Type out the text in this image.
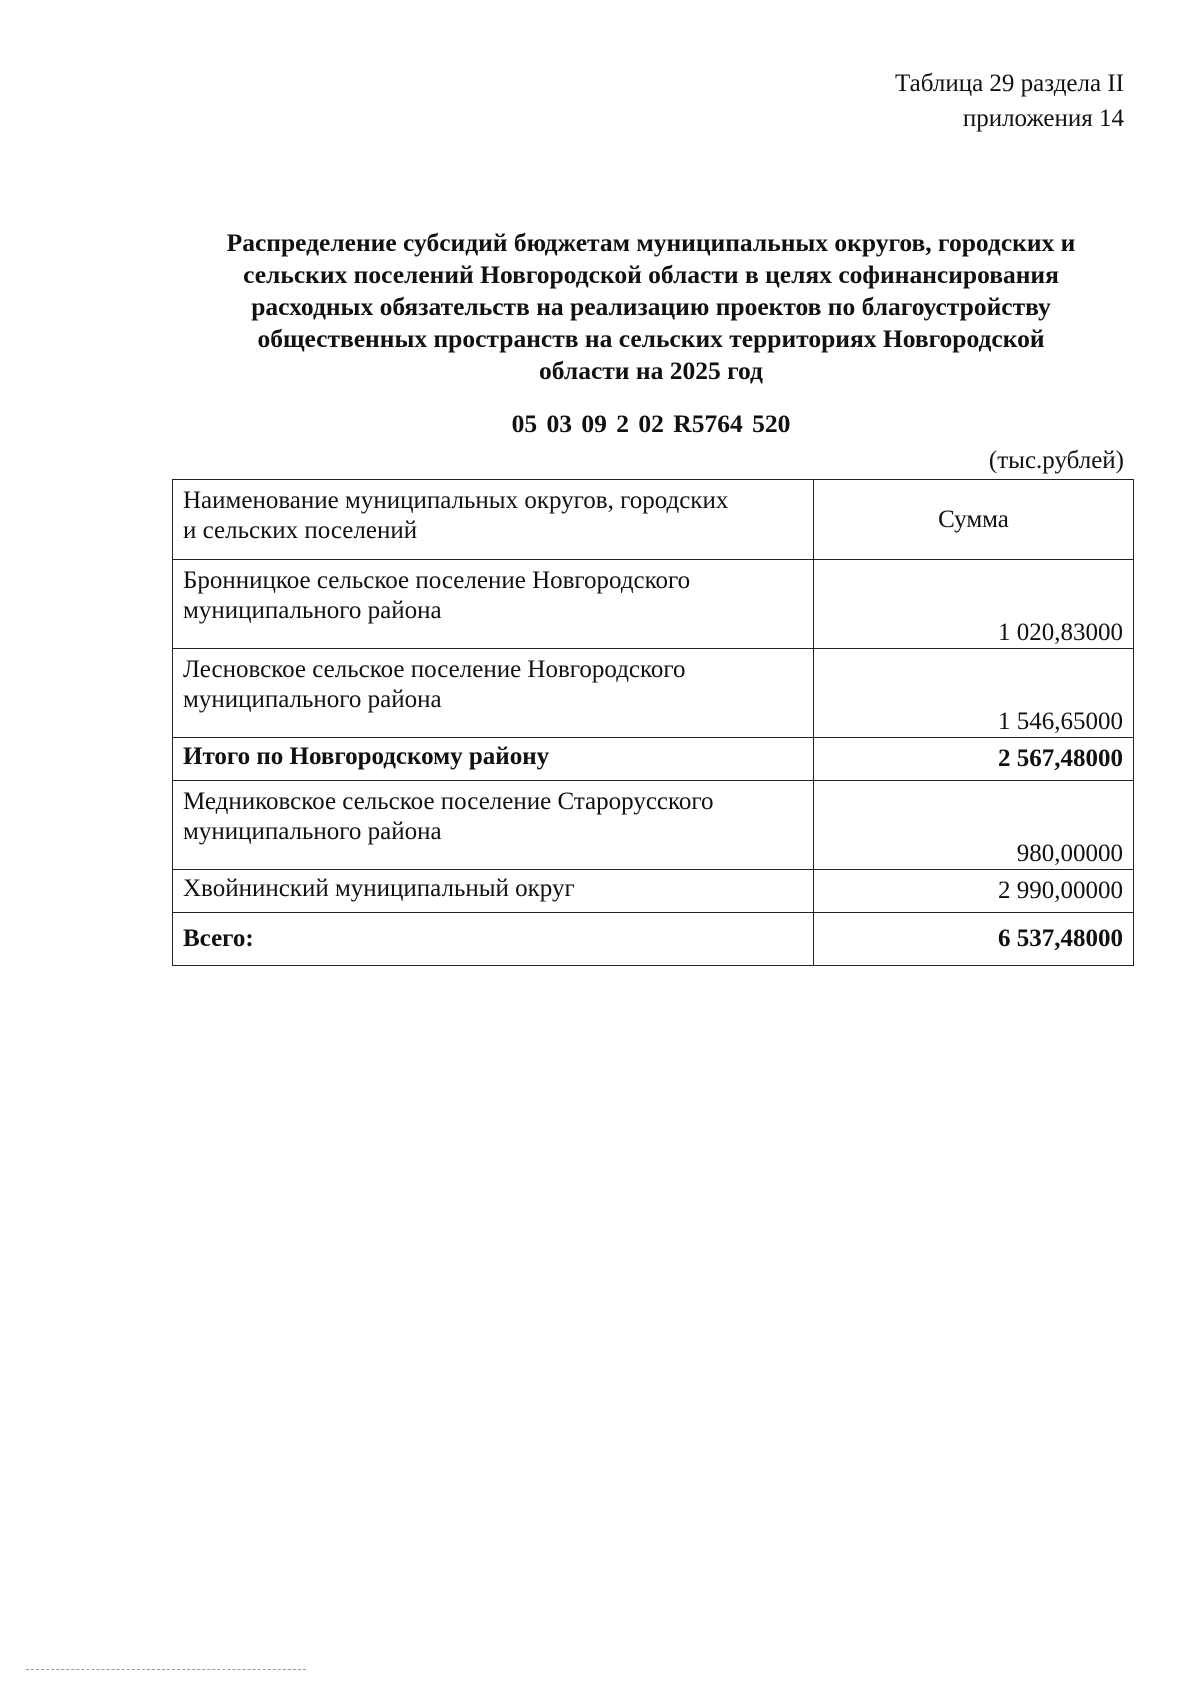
Таблица 29 раздела II
приложения 14
Распределение субсидий бюджетам муниципальных округов, городских и
сельских поселений Новгородской области в целях софинансирования
расходных обязательств на реализацию проектов по благоустройству
общественных пространств на сельских территориях Новгородской
области на 2025 год
05 03 09 2 02 R5764 520
(тыс.рублей)
Наименование муниципальных округов, городских
и сельских поселений	Сумма

Бронницкое сельское поселение Новгородского
муниципального района	1 020,83000

Лесновское сельское поселение Новгородского
муниципального района	1 546,65000
Итого по Новгородскому району	2 567,48000

Медниковское сельское поселение Старорусского
муниципального района	980,00000
Хвойнинский муниципальный округ	2 990,00000
Всего:	6 537,48000
